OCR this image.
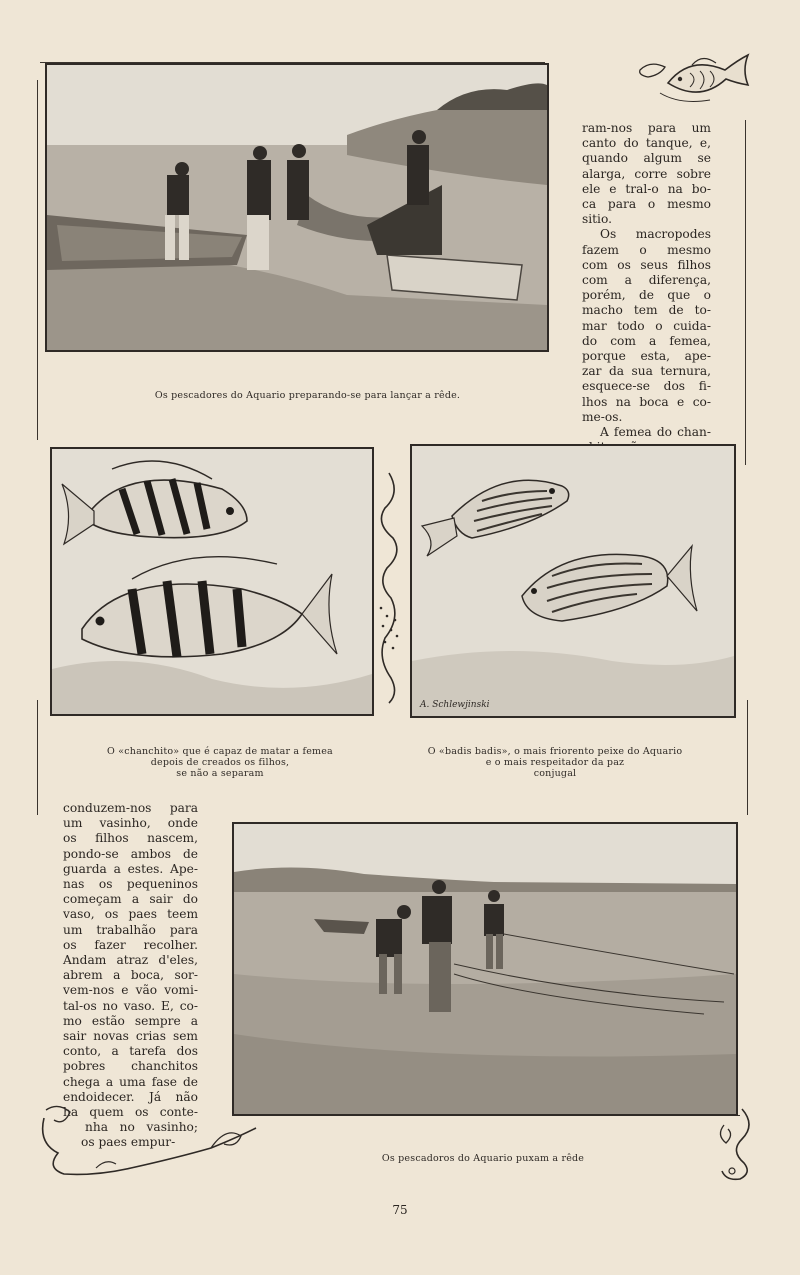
Os pescadores do Aquario preparando-se para lançar a rêde.
ram-nos para um
canto do tanque, e,
quando algum se
alarga, corre sobre
ele e tral-o na bo-
ca para o mesmo
sitio.
Os macropodes
fazem o mesmo
com os seus filhos
com a diferença,
porém, de que o
macho tem de to-
mar todo o cuida-
do com a femea,
porque esta, ape-
zar da sua ternura,
esquece-se dos fi-
lhos na boca e co-
me-os.
A femea do chan-
A. Schlewjinski
O «chanchito» que é capaz de matar a femea
depois de creados os filhos,
se não a separam
O «badis badis», o mais friorento peixe do Aquario
e o mais respeitador da paz
conjugal
conduzem-nos para
um vasinho, onde
os filhos nascem,
pondo-se ambos de
guarda a estes. Ape-
nas os pequeninos
começam a sair do
vaso, os paes teem
um trabalhão para
os fazer recolher.
Andam atraz d'eles,
abrem a boca, sor-
vem-nos e vão vomi-
tal-os no vaso. E, co-
mo estão sempre a
sair novas crias sem
conto, a tarefa dos
pobres chanchitos
chega a uma fase de
endoidecer. Já não
ha quem os conte-
nha no vasinho;
os paes empur-
Os pescadoros do Aquario puxam a rêde
75
